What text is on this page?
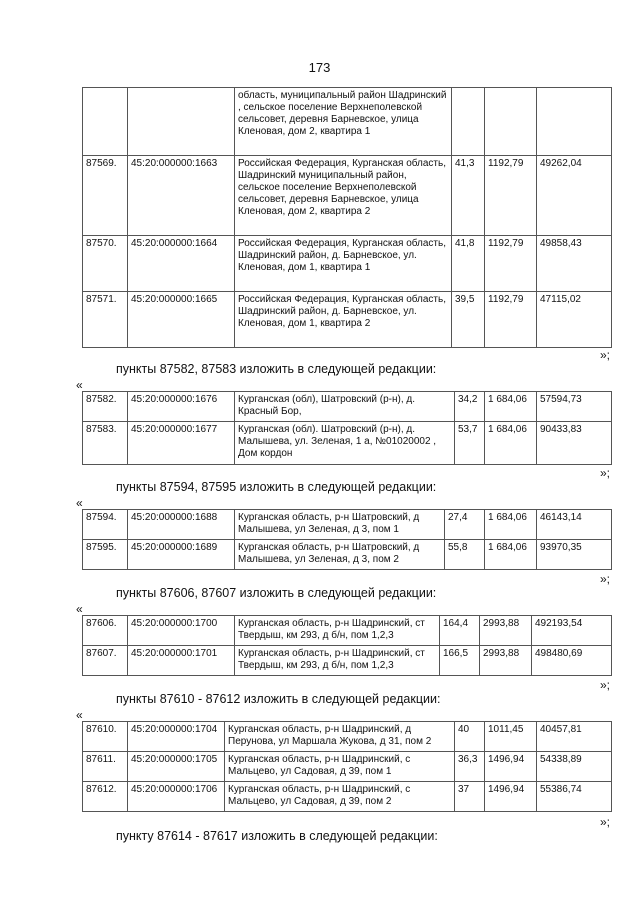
173
		область, муниципальный район Шадринский , сельское поселение Верхнеполевской сельсовет, деревня Барневское, улица Кленовая, дом 2, квартира 1			
87569.	45:20:000000:1663	Российская Федерация, Курганская область, Шадринский муниципальный район, сельское поселение Верхнеполевской сельсовет, деревня Барневское, улица Кленовая, дом 2, квартира 2	41,3	1192,79	49262,04
87570.	45:20:000000:1664	Российская Федерация, Курганская область, Шадринский район, д. Барневское, ул. Кленовая, дом 1, квартира 1	41,8	1192,79	49858,43
87571.	45:20:000000:1665	Российская Федерация, Курганская область, Шадринский район, д. Барневское, ул. Кленовая, дом 1, квартира 2	39,5	1192,79	47115,02
»;
пункты 87582, 87583 изложить в следующей редакции:
«
87582.	45:20:000000:1676	Курганская (обл), Шатровский (р-н), д. Красный Бор,	34,2	1 684,06	57594,73
87583.	45:20:000000:1677	Курганская (обл). Шатровский (р-н), д. Малышева, ул. Зеленая, 1 а, №01020002 , Дом кордон	53,7	1 684,06	90433,83
»;
пункты 87594, 87595 изложить в следующей редакции:
«
87594.	45:20:000000:1688	Курганская область, р-н Шатровский, д Малышева, ул Зеленая, д 3, пом 1	27,4	1 684,06	46143,14
87595.	45:20:000000:1689	Курганская область, р-н Шатровский, д Малышева, ул Зеленая, д 3, пом 2	55,8	1 684,06	93970,35
»;
пункты 87606, 87607 изложить в следующей редакции:
«
87606.	45:20:000000:1700	Курганская область, р-н Шадринский, ст Твердыш, км 293, д б/н, пом 1,2,3	164,4	2993,88	492193,54
87607.	45:20:000000:1701	Курганская область, р-н Шадринский, ст Твердыш, км 293, д б/н, пом 1,2,3	166,5	2993,88	498480,69
»;
пункты 87610 - 87612 изложить в следующей редакции:
«
87610.	45:20:000000:1704	Курганская область, р-н Шадринский, д Перунова, ул Маршала Жукова, д 31, пом 2	40	1011,45	40457,81
87611.	45:20:000000:1705	Курганская область, р-н Шадринский, с Мальцево, ул Садовая, д 39, пом 1	36,3	1496,94	54338,89
87612.	45:20:000000:1706	Курганская область, р-н Шадринский, с Мальцево, ул Садовая, д 39, пом 2	37	1496,94	55386,74
»;
пункту 87614 - 87617 изложить в следующей редакции:
